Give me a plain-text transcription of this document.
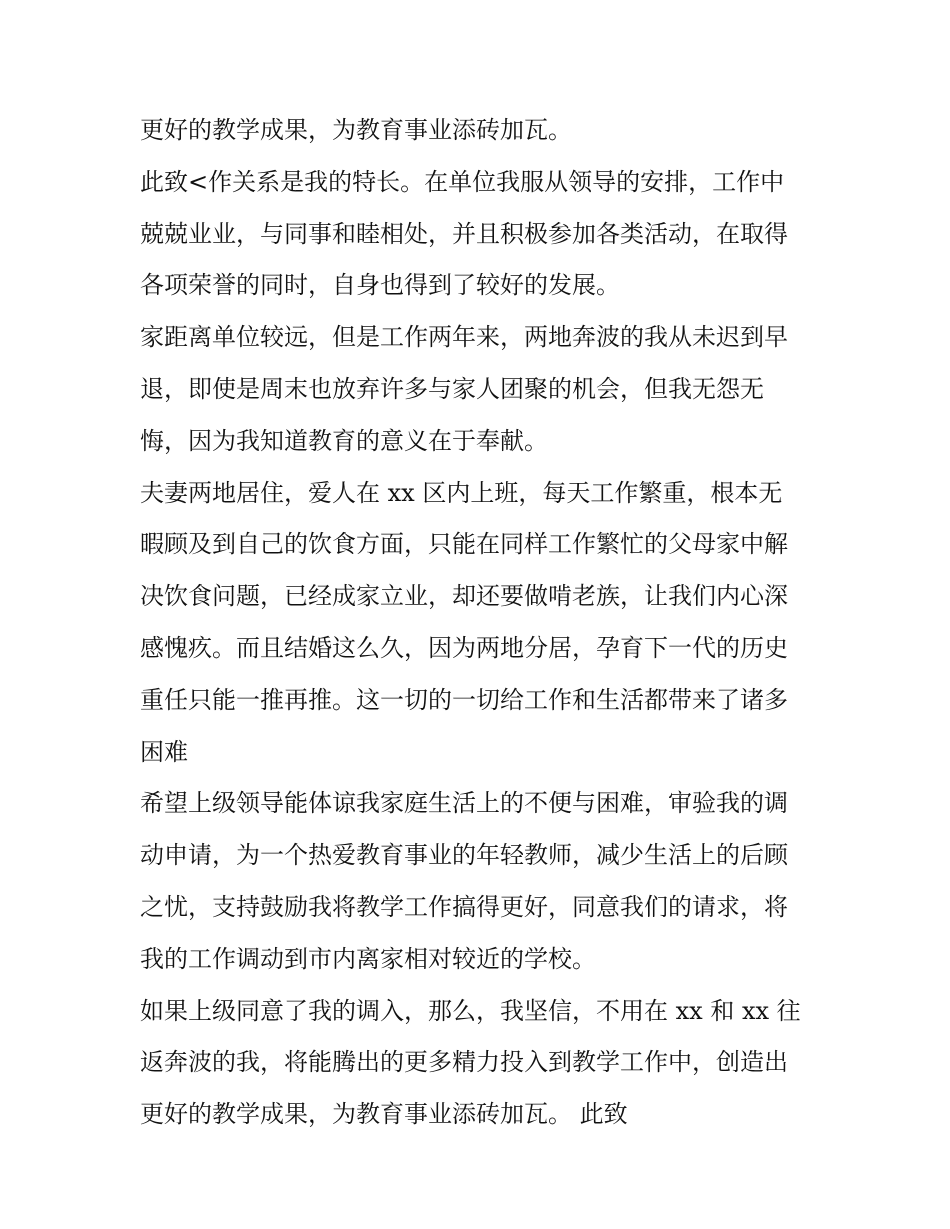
更好的教学成果，为教育事业添砖加瓦。
此致<作关系是我的特长。在单位我服从领导的安排，工作中
兢兢业业，与同事和睦相处，并且积极参加各类活动，在取得
各项荣誉的同时，自身也得到了较好的发展。
家距离单位较远，但是工作两年来，两地奔波的我从未迟到早
退，即使是周末也放弃许多与家人团聚的机会，但我无怨无
悔，因为我知道教育的意义在于奉献。
夫妻两地居住，爱人在 xx 区内上班，每天工作繁重，根本无
暇顾及到自己的饮食方面，只能在同样工作繁忙的父母家中解
决饮食问题，已经成家立业，却还要做啃老族，让我们内心深
感愧疚。而且结婚这么久，因为两地分居，孕育下一代的历史
重任只能一推再推。这一切的一切给工作和生活都带来了诸多
困难
希望上级领导能体谅我家庭生活上的不便与困难，审验我的调
动申请，为一个热爱教育事业的年轻教师，减少生活上的后顾
之忧，支持鼓励我将教学工作搞得更好，同意我们的请求，将
我的工作调动到市内离家相对较近的学校。
如果上级同意了我的调入，那么，我坚信，不用在 xx 和 xx 往
返奔波的我，将能腾出的更多精力投入到教学工作中，创造出
更好的教学成果，为教育事业添砖加瓦。 此致
